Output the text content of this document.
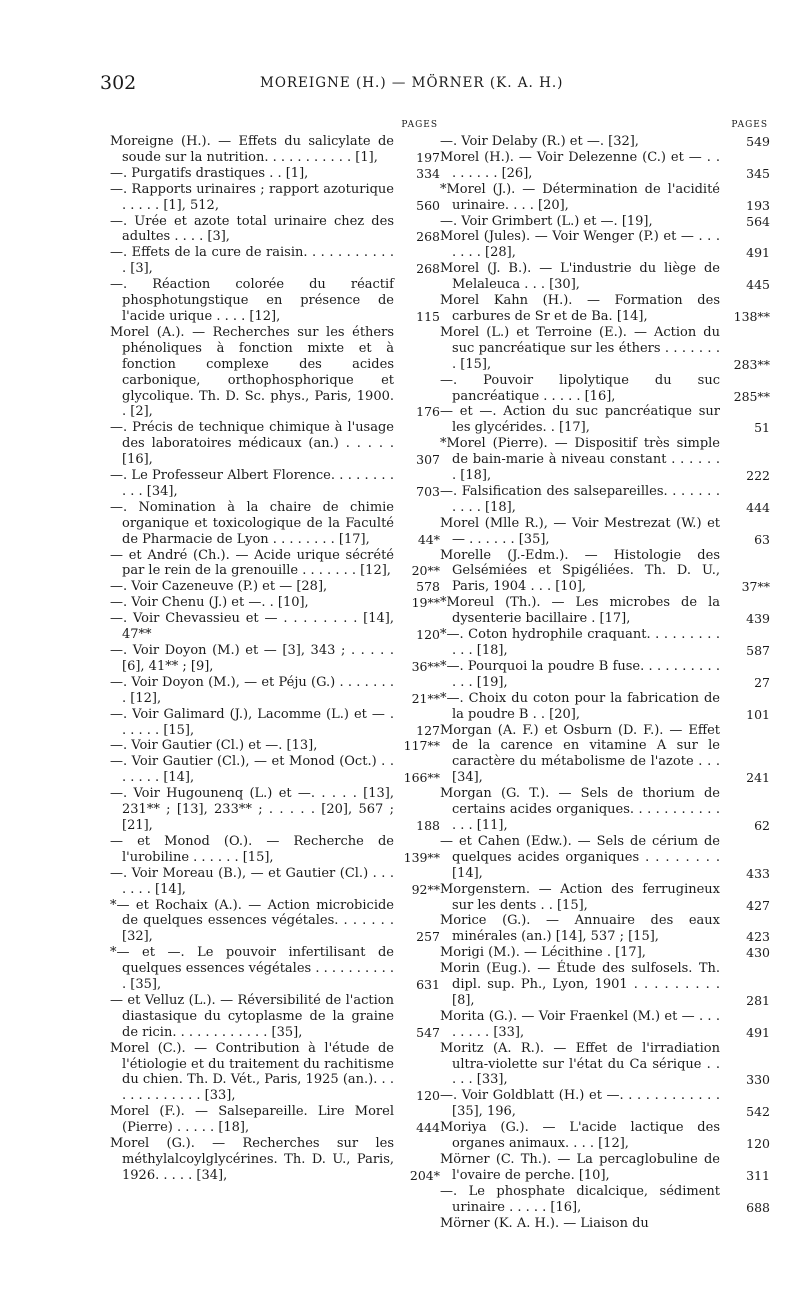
302	MOREIGNE (H.) — MÖRNER (K. A. H.)
PAGES
Moreigne (H.). — Effets du salicylate de soude sur la nutrition. . . . . . . . . . . [1],	197
—. Purgatifs drastiques . . [1],	334
—. Rapports urinaires ; rapport azoturique . . . . . [1], 512,	560
—. Urée et azote total urinaire chez des adultes . . . . [3],	268
—. Effets de la cure de raisin. . . . . . . . . . . . [3],	268
—. Réaction colorée du réactif phosphotungstique en présence de l'acide urique . . . . [12],	115
Morel (A.). — Recherches sur les éthers phénoliques à fonction mixte et à fonction complexe des acides carbonique, orthophosphorique et glycolique. Th. D. Sc. phys., Paris, 1900. . [2],	176
—. Précis de technique chimique à l'usage des laboratoires médicaux (an.) . . . . . [16],	307
—. Le Professeur Albert Florence. . . . . . . . . . . [34],	703
—. Nomination à la chaire de chimie organique et toxicologique de la Faculté de Pharmacie de Lyon . . . . . . . . [17],	44*
— et André (Ch.). — Acide urique sécrété par le rein de la grenouille . . . . . . . [12],	20**
—. Voir Cazeneuve (P.) et — [28],	578
—. Voir Chenu (J.) et —. . [10],	19**
—. Voir Chevassieu et — . . . . . . . . [14], 47**	120
—. Voir Doyon (M.) et — [3], 343 ; . . . . . [6], 41** ; [9],	36**
—. Voir Doyon (M.), — et Péju (G.) . . . . . . . . [12],	21**
—. Voir Galimard (J.), Lacomme (L.) et — . . . . . . [15],	127
—. Voir Gautier (Cl.) et —. [13],	117**
—. Voir Gautier (Cl.), — et Monod (Oct.) . . . . . . . [14],	166**
—. Voir Hugounenq (L.) et —. . . . . [13], 231** ; [13], 233** ; . . . . . [20], 567 ; [21],	188
— et Monod (O.). — Recherche de l'urobiline . . . . . . [15],	139**
—. Voir Moreau (B.), — et Gautier (Cl.) . . . . . . . [14],	92**
*— et Rochaix (A.). — Action microbicide de quelques essences végétales. . . . . . . [32],	257
*— et —. Le pouvoir infertilisant de quelques essences végétales . . . . . . . . . . . [35],	631
— et Velluz (L.). — Réversibilité de l'action diastasique du cytoplasme de la graine de ricin. . . . . . . . . . . . [35],	547
Morel (C.). — Contribution à l'étude de l'étiologie et du traitement du rachitisme du chien. Th. D. Vét., Paris, 1925 (an.). . . . . . . . . . . . . [33],	120
Morel (F.). — Salsepareille. Lire Morel (Pierre) . . . . . [18],	444
Morel (G.). — Recherches sur les méthylalcoylglycérines. Th. D. U., Paris, 1926. . . . . [34],	204*
PAGES
—. Voir Delaby (R.) et —. [32],	549
Morel (H.). — Voir Delezenne (C.) et — . . . . . . . . [26],	345
*Morel (J.). — Détermination de l'acidité urinaire. . . . [20],	193
—. Voir Grimbert (L.) et —. [19],	564
Morel (Jules). — Voir Wenger (P.) et — . . . . . . . [28],	491
Morel (J. B.). — L'industrie du liège de Melaleuca . . . [30],	445
Morel Kahn (H.). — Formation des carbures de Sr et de Ba. [14],	138**
Morel (L.) et Terroine (E.). — Action du suc pancréatique sur les éthers . . . . . . . . [15],	283**
—. Pouvoir lipolytique du suc pancréatique . . . . . [16],	285**
— et —. Action du suc pancréatique sur les glycérides. . [17],	51
*Morel (Pierre). — Dispositif très simple de bain-marie à niveau constant . . . . . . . [18],	222
—. Falsification des salsepareilles. . . . . . . . . . . [18],	444
Morel (Mlle R.), — Voir Mestrezat (W.) et — . . . . . . [35],	63
Morelle (J.-Edm.). — Histologie des Gelsémiées et Spigéliées. Th. D. U., Paris, 1904 . . . [10],	37**
*Moreul (Th.). — Les microbes de la dysenterie bacillaire . [17],	439
*—. Coton hydrophile craquant. . . . . . . . . . . . [18],	587
*—. Pourquoi la poudre B fuse. . . . . . . . . . . . . [19],	27
*—. Choix du coton pour la fabrication de la poudre B . . [20],	101
Morgan (A. F.) et Osburn (D. F.). — Effet de la carence en vitamine A sur le caractère du métabolisme de l'azote . . . [34],	241
Morgan (G. T.). — Sels de thorium de certains acides organiques. . . . . . . . . . . . . . [11],	62
— et Cahen (Edw.). — Sels de cérium de quelques acides organiques . . . . . . . . [14],	433
Morgenstern. — Action des ferrugineux sur les dents . . [15],	427
Morice (G.). — Annuaire des eaux minérales (an.) [14], 537 ; [15],	423
Morigi (M.). — Lécithine . [17],	430
Morin (Eug.). — Étude des sulfosels. Th. dipl. sup. Ph., Lyon, 1901 . . . . . . . . . [8],	281
Morita (G.). — Voir Fraenkel (M.) et — . . . . . . . . [33],	491
Moritz (A. R.). — Effet de l'irradiation ultra-violette sur l'état du Ca sérique . . . . . [33],	330
—. Voir Goldblatt (H.) et —. . . . . . . . . . . . [35], 196,	542
Moriya (G.). — L'acide lactique des organes animaux. . . . [12],	120
Mörner (C. Th.). — La percaglobuline de l'ovaire de perche. [10],	311
—. Le phosphate dicalcique, sédiment urinaire . . . . . [16],	688
Mörner (K. A. H.). — Liaison du
